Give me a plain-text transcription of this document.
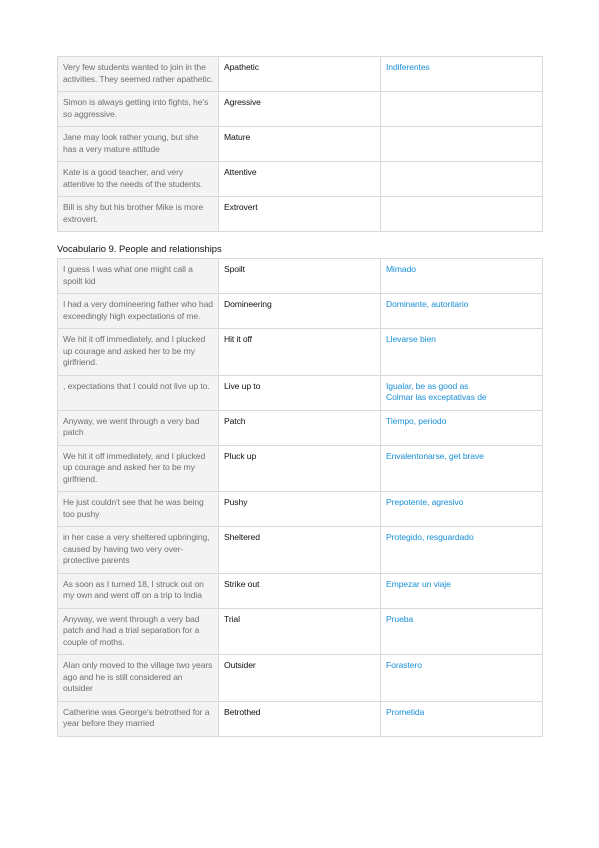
Very few students wanted to join in the activities. They seemed rather apathetic.	Apathetic	Indiferentes

Simon is always getting into fights, he's so aggressive.	Agressive	
Jane may look rather young, but she has a very mature attitude	Mature	
Kate is a good teacher, and very attentive to the needs of the students.	Attentive	
Bill is shy but his brother Mike is more extrovert.	Extrovert	
Vocabulario 9. People and relationships
I guess I was what one might call a spoilt kid	Spoilt	Mimado

I had a very domineering father who had exceedingly high expectations of me.	Domineering	Dominante, autoritario

We hit it off immediately, and I plucked up courage and asked her to be my girlfriend.	Hit it off	Llevarse bien

, expectations that I could not live up to.	Live up to	Igualar, be as good as
Colmar las exceptativas de

Anyway, we went through a very bad patch	Patch	Tiempo, periodo

We hit it off immediately, and I plucked up courage and asked her to be my girlfriend.	Pluck up	Envalentonarse, get brave

He just couldn't see that he was being too pushy	Pushy	Prepotente, agresivo

in her case a very sheltered upbringing, caused by having two very over-protective parents	Sheltered	Protegido, resguardado

As soon as I turned 18, I struck out on my own and went off on a trip to India	Strike out	Empezar un viaje

Anyway, we went through a very bad patch and had a trial separation for a couple of moths.	Trial	Prueba

Alan only moved to the village two years ago and he is still considered an outsider	Outsider	Forastero

Catherine was George's betrothed for a year before they married	Betrothed	Prometida
